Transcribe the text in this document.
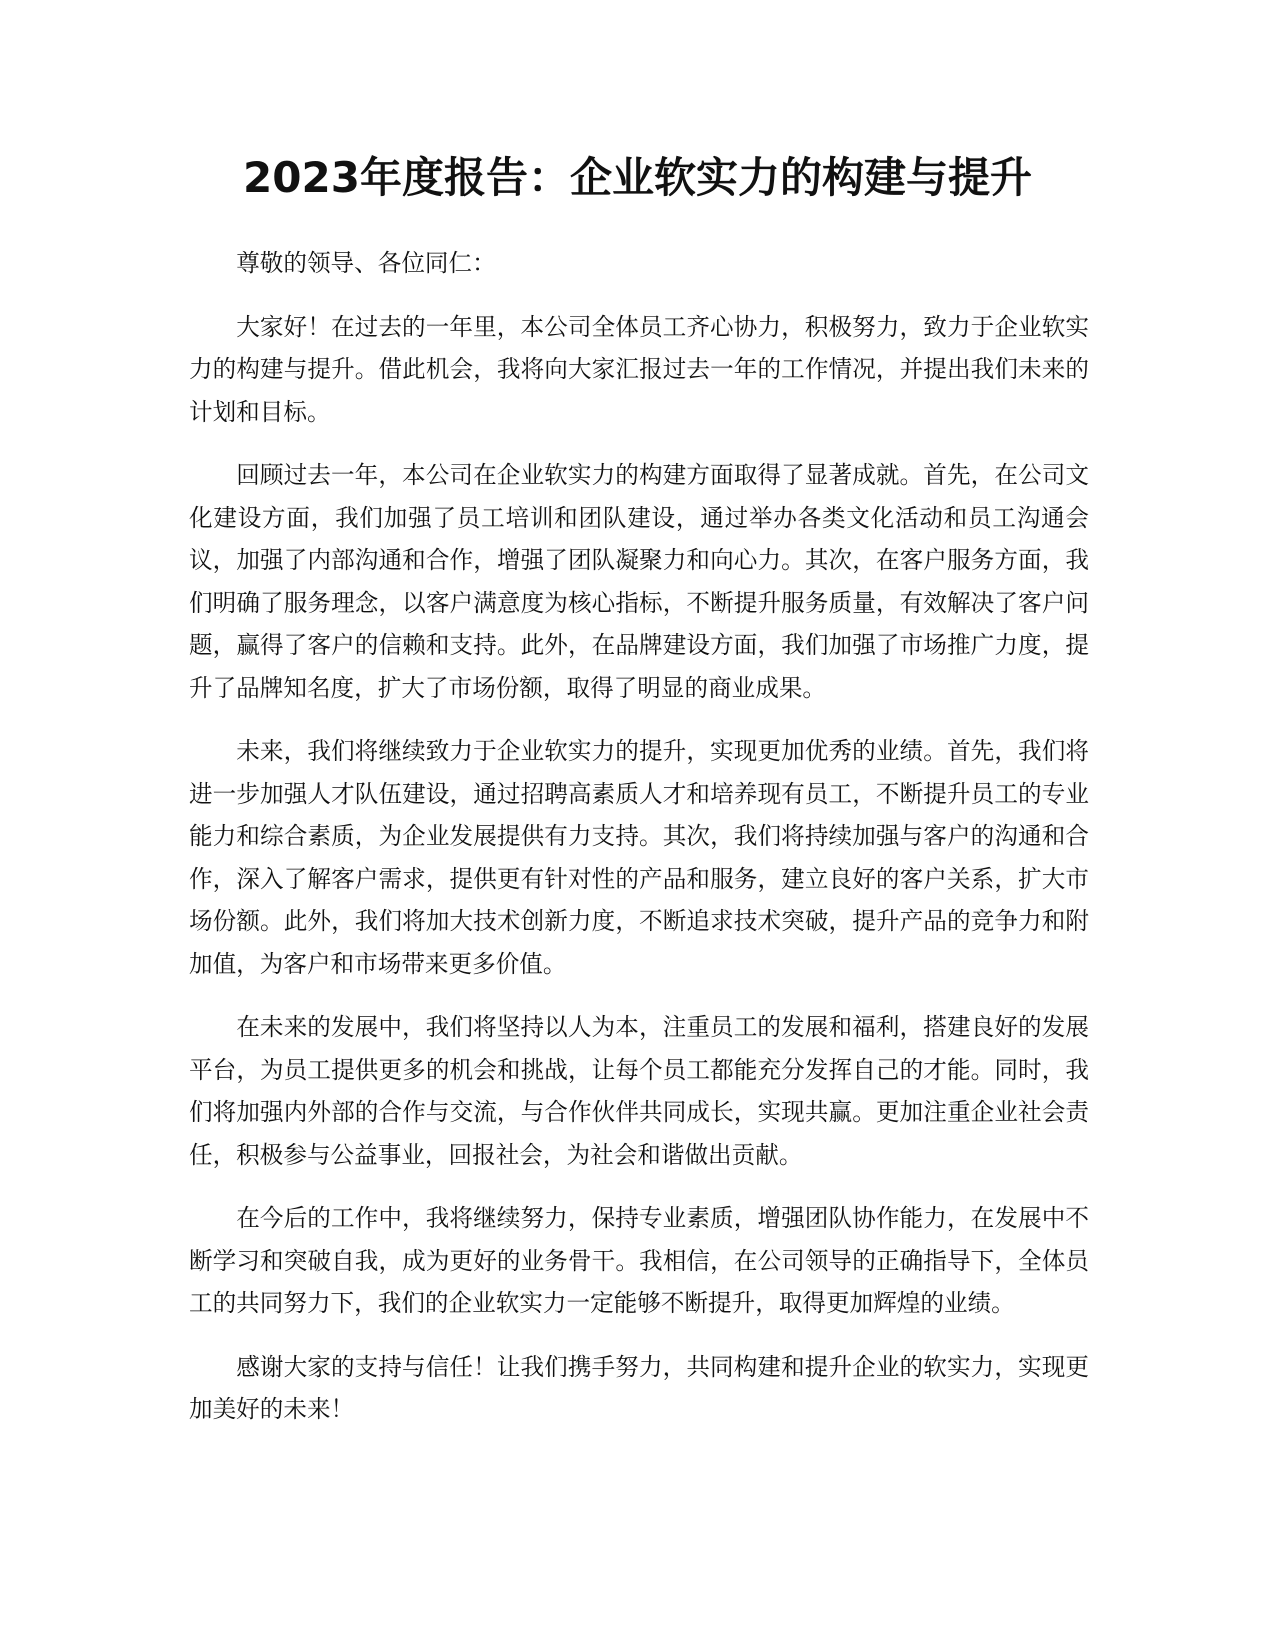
2023年度报告：企业软实力的构建与提升

尊敬的领导、各位同仁：

大家好！在过去的一年里，本公司全体员工齐心协力，积极努力，致力于企业软实力的构建与提升。借此机会，我将向大家汇报过去一年的工作情况，并提出我们未来的计划和目标。

回顾过去一年，本公司在企业软实力的构建方面取得了显著成就。首先，在公司文化建设方面，我们加强了员工培训和团队建设，通过举办各类文化活动和员工沟通会议，加强了内部沟通和合作，增强了团队凝聚力和向心力。其次，在客户服务方面，我们明确了服务理念，以客户满意度为核心指标，不断提升服务质量，有效解决了客户问题，赢得了客户的信赖和支持。此外，在品牌建设方面，我们加强了市场推广力度，提升了品牌知名度，扩大了市场份额，取得了明显的商业成果。

未来，我们将继续致力于企业软实力的提升，实现更加优秀的业绩。首先，我们将进一步加强人才队伍建设，通过招聘高素质人才和培养现有员工，不断提升员工的专业能力和综合素质，为企业发展提供有力支持。其次，我们将持续加强与客户的沟通和合作，深入了解客户需求，提供更有针对性的产品和服务，建立良好的客户关系，扩大市场份额。此外，我们将加大技术创新力度，不断追求技术突破，提升产品的竞争力和附加值，为客户和市场带来更多价值。

在未来的发展中，我们将坚持以人为本，注重员工的发展和福利，搭建良好的发展平台，为员工提供更多的机会和挑战，让每个员工都能充分发挥自己的才能。同时，我们将加强内外部的合作与交流，与合作伙伴共同成长，实现共赢。更加注重企业社会责任，积极参与公益事业，回报社会，为社会和谐做出贡献。

在今后的工作中，我将继续努力，保持专业素质，增强团队协作能力，在发展中不断学习和突破自我，成为更好的业务骨干。我相信，在公司领导的正确指导下，全体员工的共同努力下，我们的企业软实力一定能够不断提升，取得更加辉煌的业绩。

感谢大家的支持与信任！让我们携手努力，共同构建和提升企业的软实力，实现更加美好的未来！
